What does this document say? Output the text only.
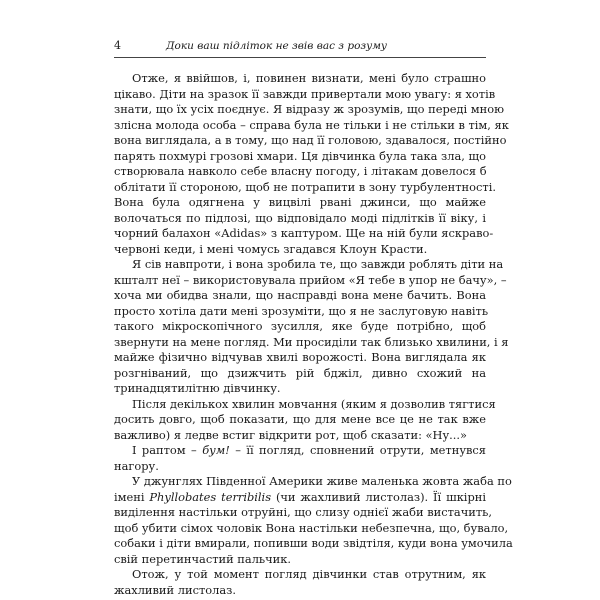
4	Доки ваш підліток не звів вас з розуму
Отже, я ввійшов, і, повинен визнати, мені було страшно
цікаво. Діти на зразок її завжди привертали мою увагу: я хотів
знати, що їх усіх поєднує. Я відразу ж зрозумів, що переді мною
злісна молода особа – справа була не тільки і не стільки в тім, як
вона виглядала, а в тому, що над її головою, здавалося, постійно
парять похмурі грозові хмари. Ця дівчинка була така зла, що
створювала навколо себе власну погоду, і літакам довелося б
облітати її стороною, щоб не потрапити в зону турбулентності.
Вона була одягнена у вицвілі рвані джинси, що майже
волочаться по підлозі, що відповідало моді підлітків її віку, і
чорний балахон «Adidas» з каптуром. Ще на ній були яскраво-
червоні кеди, і мені чомусь згадався Клоун Красти.
Я сів навпроти, і вона зробила те, що завжди роблять діти на
кшталт неї – використовувала прийом «Я тебе в упор не бачу», –
хоча ми обидва знали, що насправді вона мене бачить. Вона
просто хотіла дати мені зрозуміти, що я не заслуговую навіть
такого мікроскопічного зусилля, яке буде потрібно, щоб
звернути на мене погляд. Ми просиділи так близько хвилини, і я
майже фізично відчував хвилі ворожості. Вона виглядала як
розгніваний, що дзижчить рій бджіл, дивно схожий на
тринадцятилітню дівчинку.
Після декількох хвилин мовчання (яким я дозволив тягтися
досить довго, щоб показати, що для мене все це не так вже
важливо) я ледве встиг відкрити рот, щоб сказати: «Ну...»
І раптом – бум! – її погляд, сповнений отрути, метнувся
нагору.
У джунглях Південної Америки живе маленька жовта жаба по
імені Phyllobates terribilis (чи жахливий листолаз). Її шкірні
виділення настільки отруйні, що слизу однієї жаби вистачить,
щоб убити сімох чоловік Вона настільки небезпечна, що, бувало,
собаки і діти вмирали, попивши води звідтіля, куди вона умочила
свій перетинчастий пальчик.
Отож, у той момент погляд дівчинки став отрутним, як
жахливий листолаз.
